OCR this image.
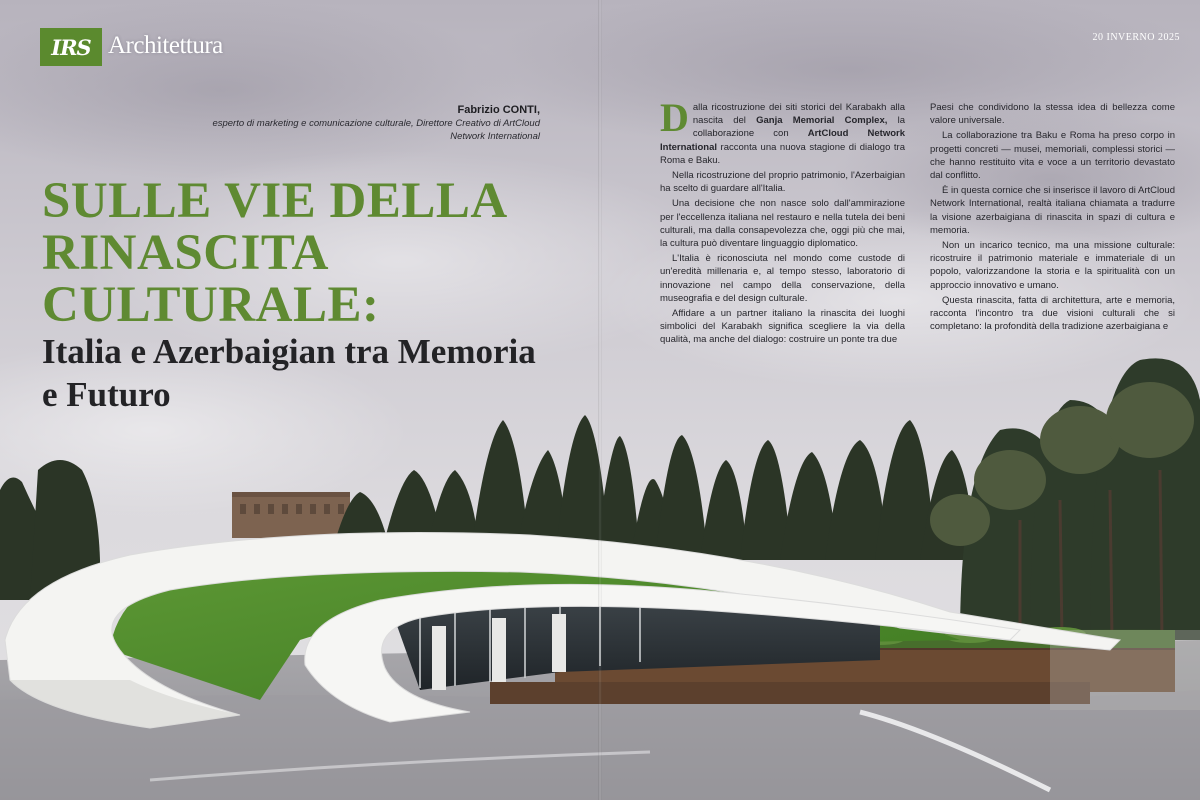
IRS Architettura	20 INVERNO 2025
Fabrizio CONTI,
esperto di marketing e comunicazione culturale, Direttore Creativo di ArtCloud Network International
SULLE VIE DELLA RINASCITA CULTURALE:
Italia e Azerbaigian tra Memoria e Futuro

Dalla ricostruzione dei siti storici del Karabakh alla nascita del Ganja Memorial Complex, la collaborazione con ArtCloud Network International racconta una nuova stagione di dialogo tra Roma e Baku.

Nella ricostruzione del proprio patrimonio, l'Azerbaigian ha scelto di guardare all'Italia.

Una decisione che non nasce solo dall'ammirazione per l'eccellenza italiana nel restauro e nella tutela dei beni culturali, ma dalla consapevolezza che, oggi più che mai, la cultura può diventare linguaggio diplomatico.

L'Italia è riconosciuta nel mondo come custode di un'eredità millenaria e, al tempo stesso, laboratorio di innovazione nel campo della conservazione, della museografia e del design culturale.

Affidare a un partner italiano la rinascita dei luoghi simbolici del Karabakh significa scegliere la via della qualità, ma anche del dialogo: costruire un ponte tra due

Paesi che condividono la stessa idea di bellezza come valore universale.

La collaborazione tra Baku e Roma ha preso corpo in progetti concreti — musei, memoriali, complessi storici — che hanno restituito vita e voce a un territorio devastato dal conflitto.

È in questa cornice che si inserisce il lavoro di ArtCloud Network International, realtà italiana chiamata a tradurre la visione azerbaigiana di rinascita in spazi di cultura e memoria.

Non un incarico tecnico, ma una missione culturale: ricostruire il patrimonio materiale e immateriale di un popolo, valorizzandone la storia e la spiritualità con un approccio innovativo e umano.

Questa rinascita, fatta di architettura, arte e memoria, racconta l'incontro tra due visioni culturali che si completano: la profondità della tradizione azerbaigiana e
